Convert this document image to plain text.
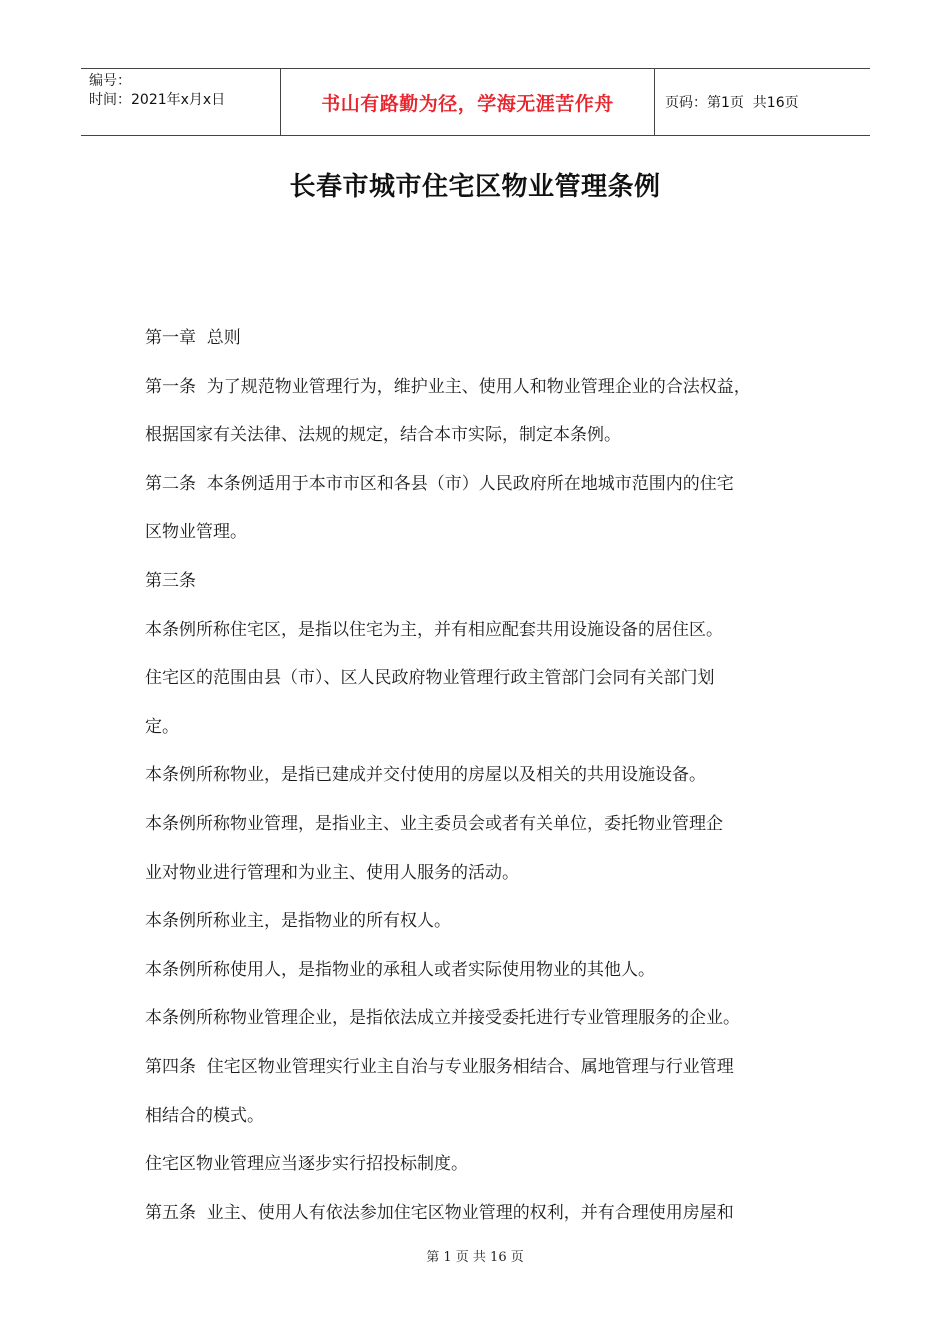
编号：
时间：2021年x月x日	书山有路勤为径，学海无涯苦作舟	页码：第1页  共16页
长春市城市住宅区物业管理条例
第一章  总则
第一条  为了规范物业管理行为，维护业主、使用人和物业管理企业的合法权益，
根据国家有关法律、法规的规定，结合本市实际，制定本条例。
第二条  本条例适用于本市市区和各县（市）人民政府所在地城市范围内的住宅
区物业管理。
第三条
本条例所称住宅区，是指以住宅为主，并有相应配套共用设施设备的居住区。
住宅区的范围由县（市）、区人民政府物业管理行政主管部门会同有关部门划
定。
本条例所称物业，是指已建成并交付使用的房屋以及相关的共用设施设备。
本条例所称物业管理，是指业主、业主委员会或者有关单位，委托物业管理企
业对物业进行管理和为业主、使用人服务的活动。
本条例所称业主，是指物业的所有权人。
本条例所称使用人，是指物业的承租人或者实际使用物业的其他人。
本条例所称物业管理企业，是指依法成立并接受委托进行专业管理服务的企业。
第四条  住宅区物业管理实行业主自治与专业服务相结合、属地管理与行业管理
相结合的模式。
住宅区物业管理应当逐步实行招投标制度。
第五条  业主、使用人有依法参加住宅区物业管理的权利，并有合理使用房屋和
第 1 页 共 16 页
